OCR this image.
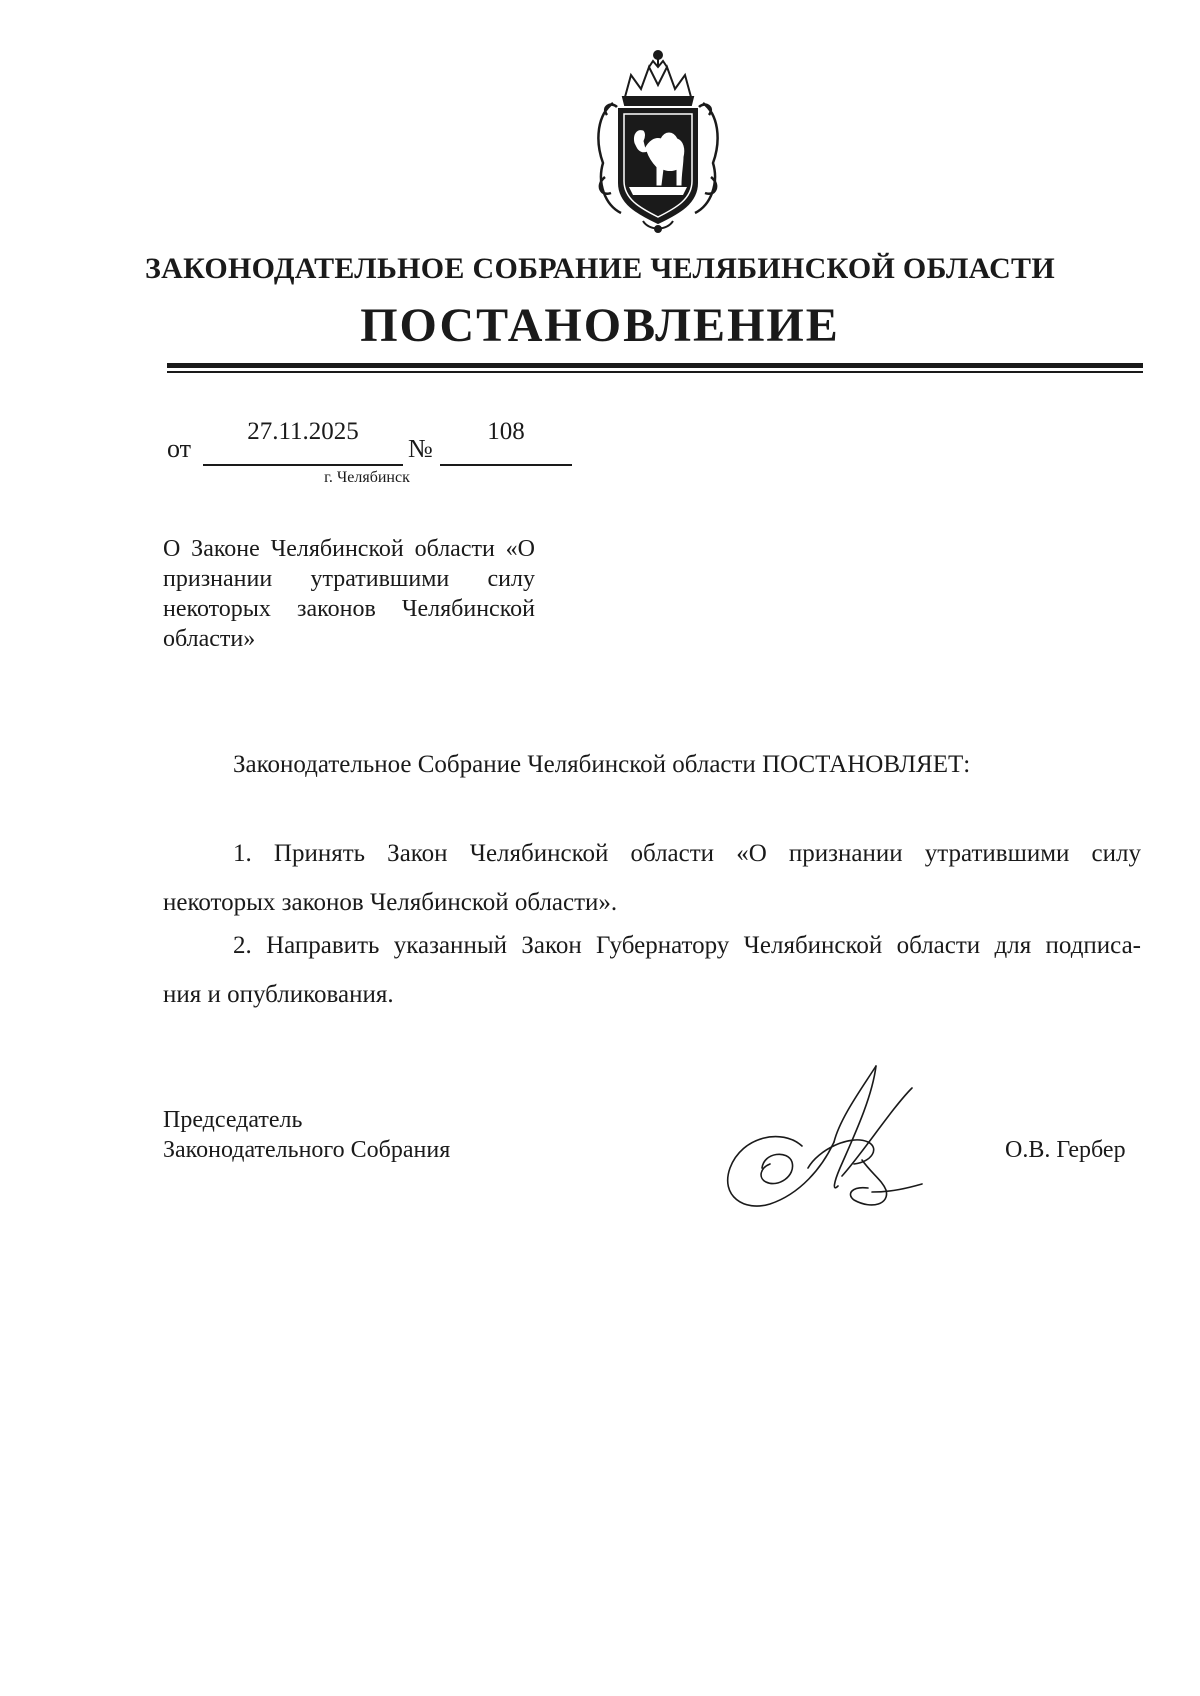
ЗАКОНОДАТЕЛЬНОЕ СОБРАНИЕ ЧЕЛЯБИНСКОЙ ОБЛАСТИ
ПОСТАНОВЛЕНИЕ
от
27.11.2025
№
108
г. Челябинск
О Законе Челябинской области «О признании утратившими силу некоторых законов Челябинской области»
Законодательное Собрание Челябинской области ПОСТАНОВЛЯЕТ:
1. Принять Закон Челябинской области «О признании утратившими силу
некоторых законов Челябинской области».
2. Направить указанный Закон Губернатору Челябинской области для подписа-
ния и опубликования.
Председатель
Законодательного Собрания	О.В. Гербер
